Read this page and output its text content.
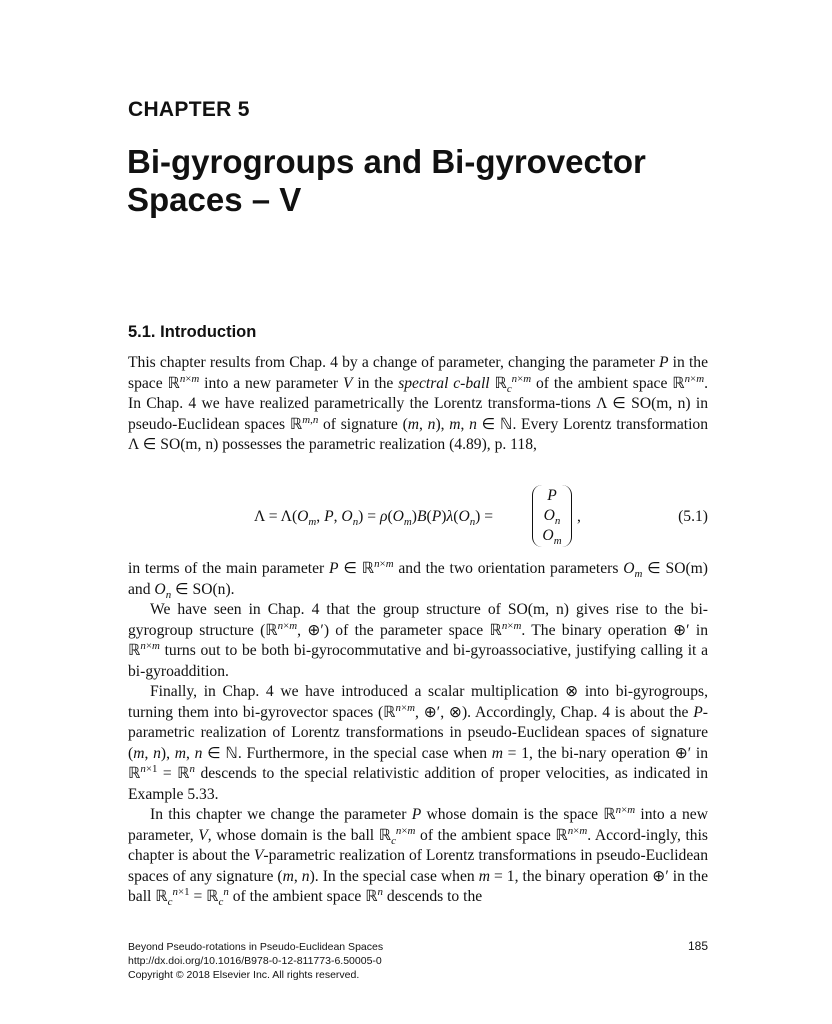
CHAPTER 5
Bi-gyrogroups and Bi-gyrovector
Spaces – V
5.1. Introduction

This chapter results from Chap. 4 by a change of parameter, changing the parameter P in the space ℝ$^{n\times m}$ into a new parameter V in the spectral c-ball ℝ$_c^{n\times m}$ of the ambient space ℝ$^{n\times m}$. In Chap. 4 we have realized parametrically the Lorentz transforma-tions Λ ∈ SO(m, n) in pseudo-Euclidean spaces ℝ$^{m,n}$ of signature (m, n), m, n ∈ ℕ. Every Lorentz transformation Λ ∈ SO(m, n) possesses the parametric realization (4.89), p. 118,

$\Lambda = \Lambda(O_m$, P, $O_n) = \rho(O_m)B(P)\lambda(O_n)$ =
P
$O_n$
$O_m$
,	(5.1)

in terms of the main parameter P ∈ ℝ$^{n\times m}$ and the two orientation parameters $O_m$ ∈ SO(m) and $O_n$ ∈ SO(n).

We have seen in Chap. 4 that the group structure of SO(m, n) gives rise to the bi-gyrogroup structure (ℝ$^{n\times m}$, ⊕′) of the parameter space ℝ$^{n\times m}$. The binary operation ⊕′ in ℝ$^{n\times m}$ turns out to be both bi-gyrocommutative and bi-gyroassociative, justifying calling it a bi-gyroaddition.

Finally, in Chap. 4 we have introduced a scalar multiplication ⊗ into bi-gyrogroups, turning them into bi-gyrovector spaces (ℝ$^{n\times m}$, ⊕′, ⊗). Accordingly, Chap. 4 is about the P-parametric realization of Lorentz transformations in pseudo-Euclidean spaces of signature (m, n), m, n ∈ ℕ. Furthermore, in the special case when m = 1, the bi-nary operation ⊕′ in ℝ$^{n\times 1}$ = ℝ$^n$ descends to the special relativistic addition of proper velocities, as indicated in Example 5.33.

In this chapter we change the parameter P whose domain is the space ℝ$^{n\times m}$ into a new parameter, V, whose domain is the ball ℝ$_c^{n\times m}$ of the ambient space ℝ$^{n\times m}$. Accord-ingly, this chapter is about the V-parametric realization of Lorentz transformations in pseudo-Euclidean spaces of any signature (m, n). In the special case when m = 1, the binary operation ⊕′ in the ball ℝ$_c^{n\times 1}$ = ℝ$_c^n$ of the ambient space ℝ$^n$ descends to the

Beyond Pseudo-rotations in Pseudo-Euclidean Spaces
http://dx.doi.org/10.1016/B978-0-12-811773-6.50005-0
Copyright © 2018 Elsevier Inc. All rights reserved.
185
